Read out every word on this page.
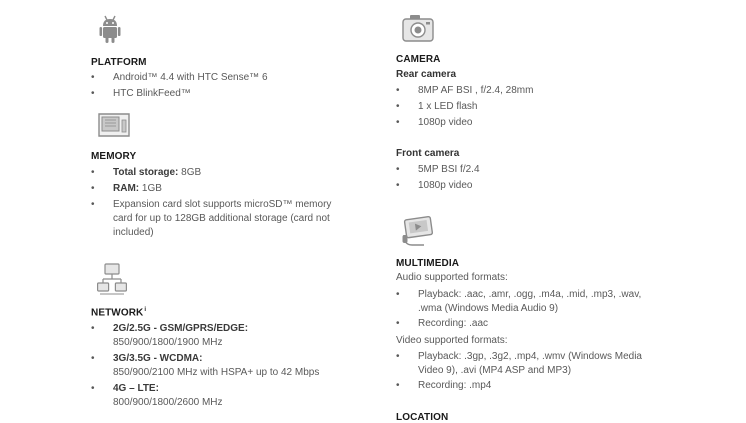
PLATFORM
• Android™ 4.4 with HTC Sense™ 6
• HTC BlinkFeed™
MEMORY
• Total storage: 8GB
• RAM: 1GB
• Expansion card slot supports microSD™ memory card for up to 128GB additional storage (card not included)
NETWORK$^i$
• 2G/2.5G - GSM/GPRS/EDGE:
850/900/1800/1900 MHz
• 3G/3.5G - WCDMA:
850/900/2100 MHz with HSPA+ up to 42 Mbps
• 4G – LTE:
800/900/1800/2600 MHz
CAMERA
Rear camera
• 8MP AF BSI , f/2.4, 28mm
• 1 x LED flash
• 1080p video
Front camera
• 5MP BSI f/2.4
• 1080p video
MULTIMEDIA
Audio supported formats:
• Playback: .aac, .amr, .ogg, .m4a, .mid, .mp3, .wav, .wma (Windows Media Audio 9)
• Recording: .aac
Video supported formats:
• Playback: .3gp, .3g2, .mp4, .wmv (Windows Media Video 9), .avi (MP4 ASP and MP3)
• Recording: .mp4
LOCATION
